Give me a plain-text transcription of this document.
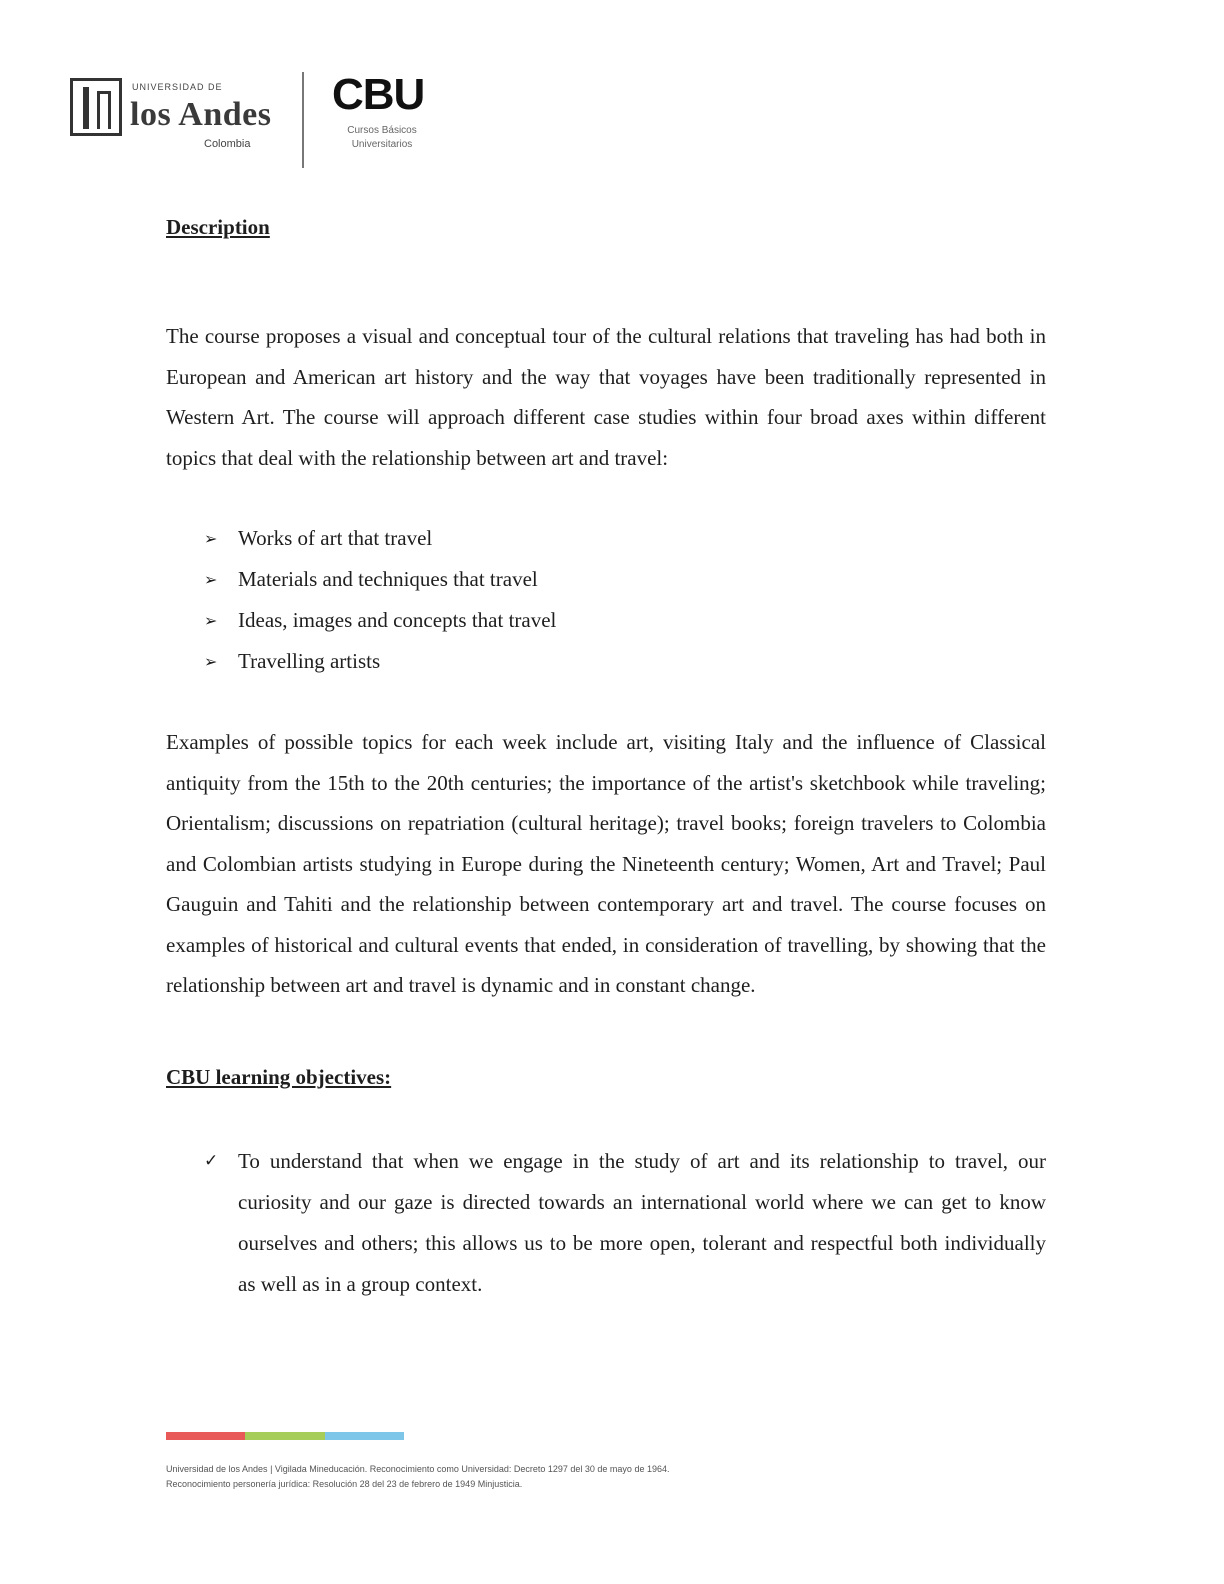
UNIVERSIDAD DE
los Andes
Colombia
CBU
Cursos Básicos Universitarios
Description

The course proposes a visual and conceptual tour of the cultural relations that traveling has had both in European and American art history and the way that voyages have been traditionally represented in Western Art. The course will approach different case studies within four broad axes within different topics that deal with the relationship between art and travel:

➢ Works of art that travel
➢ Materials and techniques that travel
➢ Ideas, images and concepts that travel
➢ Travelling artists

Examples of possible topics for each week include art, visiting Italy and the influence of Classical antiquity from the 15th to the 20th centuries; the importance of the artist's sketchbook while traveling; Orientalism; discussions on repatriation (cultural heritage); travel books; foreign travelers to Colombia and Colombian artists studying in Europe during the Nineteenth century; Women, Art and Travel; Paul Gauguin and Tahiti and the relationship between contemporary art and travel. The course focuses on examples of historical and cultural events that ended, in consideration of travelling, by showing that the relationship between art and travel is dynamic and in constant change.

CBU learning objectives:
✓ To understand that when we engage in the study of art and its relationship to travel, our curiosity and our gaze is directed towards an international world where we can get to know ourselves and others; this allows us to be more open, tolerant and respectful both individually as well as in a group context.
Universidad de los Andes | Vigilada Mineducación. Reconocimiento como Universidad: Decreto 1297 del 30 de mayo de 1964.
Reconocimiento personería jurídica: Resolución 28 del 23 de febrero de 1949 Minjusticia.
